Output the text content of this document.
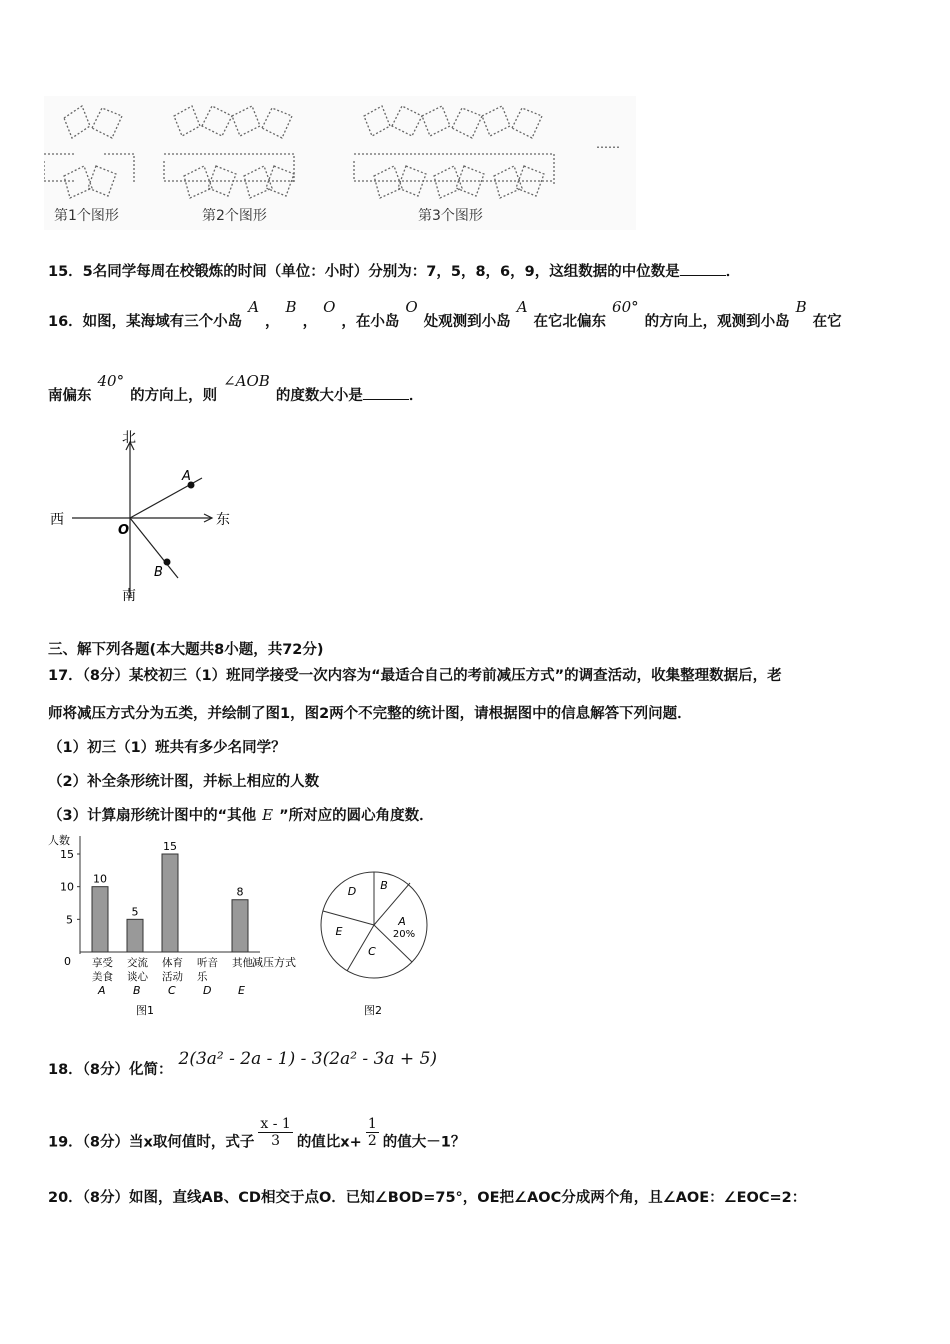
第1个图形	第2个图形	第3个图形
……
15．5名同学每周在校锻炼的时间（单位：小时）分别为：7，5，8，6，9，这组数据的中位数是	．
16．如图，某海域有三个小岛A，B，O，在小岛O处观测到小岛A在它北偏东60°的方向上，观测到小岛B在它
南偏东40°的方向上，则∠AOB的度数大小是	．
北
南
东
西
O
A
B
三、解下列各题(本大题共8小题，共72分)
17．（8分）某校初三（1）班同学接受一次内容为“最适合自己的考前减压方式”的调查活动，收集整理数据后，老
师将减压方式分为五类，并绘制了图1，图2两个不完整的统计图，请根据图中的信息解答下列问题．
（1）初三（1）班共有多少名同学？
（2）补全条形统计图，并标上相应的人数
（3）计算扇形统计图中的“其他 E ”所对应的圆心角度数．
人数
减压方式
0
5
10
15
10
享受
美食
A
5
交流
谈心
B
15
体育
活动
C
听音
乐
D
8
其他
E
图1
A
B
C
D
E	20%
图2
18．（8分）化简：2(3a² - 2a - 1) - 3(2a² - 3a + 5)
19．（8分）当x取何值时，式子 $\frac{x - 1}{3}$ 的值比$x+ \frac{1}{2}$ 的值大－1？
20．（8分）如图，直线AB、CD相交于点O．已知∠BOD=75°，OE把∠AOC分成两个角，且∠AOE：∠EOC=2：
